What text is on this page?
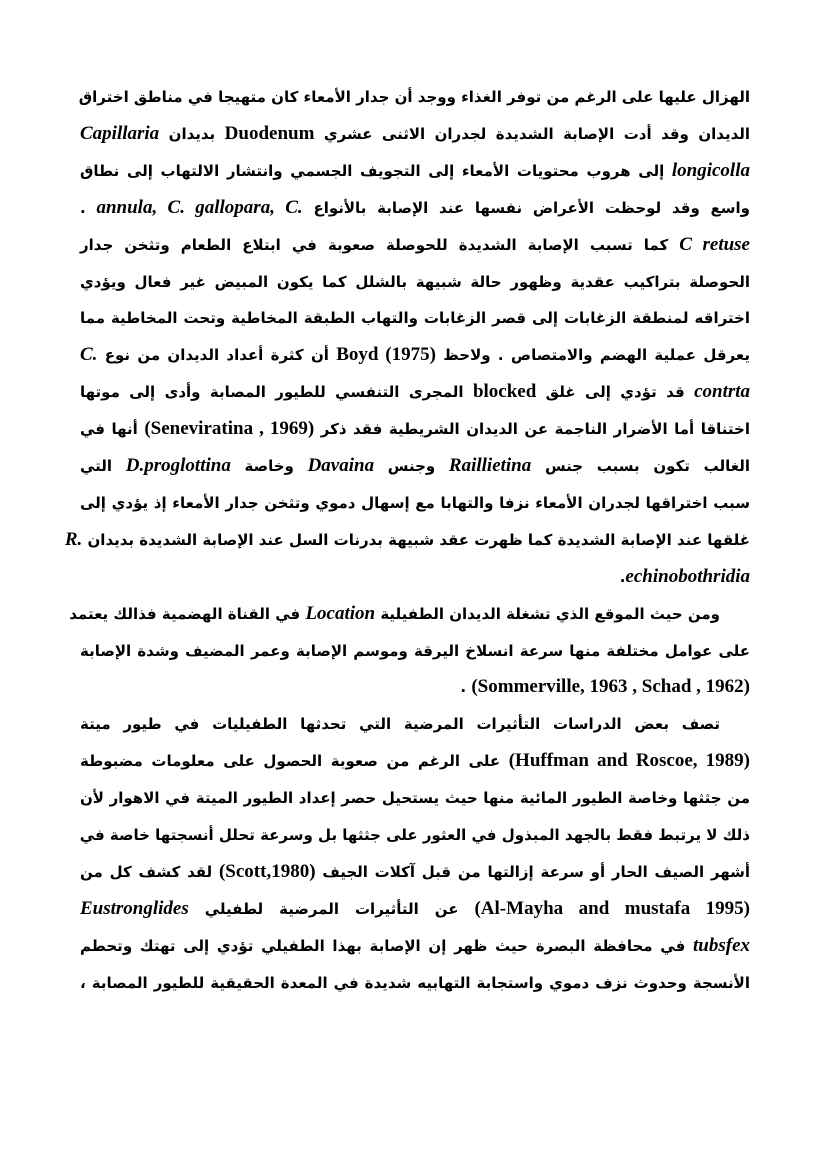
الهزال عليها على الرغم من توفر الغذاء ووجد أن جدار الأمعاء كان متهيجا في مناطق اختراق
الديدان وقد أدت الإصابة الشديدة لجدران الاثنى عشري Duodenum بديدان Capillaria
longicolla إلى هروب محتويات الأمعاء إلى التجويف الجسمي وانتشار الالتهاب إلى نطاق
واسع وقد لوحظت الأعراض نفسها عند الإصابة بالأنواع annula, C. gallopara, C. .
C retuse كما تسبب الإصابة الشديدة للحوصلة صعوبة في ابتلاع الطعام وتثخن جدار
الحوصلة بتراكيب عقدية وظهور حالة شبيهة بالشلل كما يكون المبيض غير فعال ويؤدي
اختراقه لمنطقة الزغابات إلى قصر الزغابات والتهاب الطبقة المخاطية وتحت المخاطية مما
يعرقل عملية الهضم والامتصاص . ولاحظ Boyd (1975) أن كثرة أعداد الديدان من نوع C.
contrta قد تؤدي إلى غلق blocked المجرى التنفسي للطيور المصابة وأدى إلى موتها
اختناقا أما الأضرار الناجمة عن الديدان الشريطية فقد ذكر (Seneviratina , 1969) أنها في
الغالب تكون بسبب جنس Raillietina وجنس Davaina وخاصة D.proglottina التي
سبب اختراقها لجدران الأمعاء نزفا والتهابا مع إسهال دموي وتثخن جدار الأمعاء إذ يؤدي إلى
غلقها عند الإصابة الشديدة كما ظهرت عقد شبيهة بدرنات السل عند الإصابة الشديدة بديدان R.
echinobothridia.
ومن حيث الموقع الذي تشغلة الديدان الطفيلية Location في القناة الهضمية فذالك يعتمد
على عوامل مختلفة منها سرعة انسلاخ اليرقة وموسم الإصابة وعمر المضيف وشدة الإصابة
(Sommerville, 1963 , Schad , 1962) .
تصف بعض الدراسات التأثيرات المرضية التي تحدثها الطفيليات في طيور ميتة
(Huffman and Roscoe, 1989) على الرغم من صعوبة الحصول على معلومات مضبوطة
من جثثها وخاصة الطيور المائية منها حيث يستحيل حصر إعداد الطيور الميتة في الاهوار لأن
ذلك لا يرتبط فقط بالجهد المبذول في العثور على جثثها بل وسرعة تحلل أنسجتها خاصة في
أشهر الصيف الحار أو سرعة إزالتها من قبل آكلات الجيف (Scott,1980) لقد كشف كل من
(Al-Mayha and mustafa 1995) عن التأثيرات المرضية لطفيلي Eustronglides
tubsfex في محافظة البصرة حيث ظهر إن الإصابة بهذا الطفيلي تؤدي إلى تهتك وتحطم
الأنسجة وحدوث نزف دموي واستجابة التهابيه شديدة في المعدة الحقيقية للطيور المصابة ،
